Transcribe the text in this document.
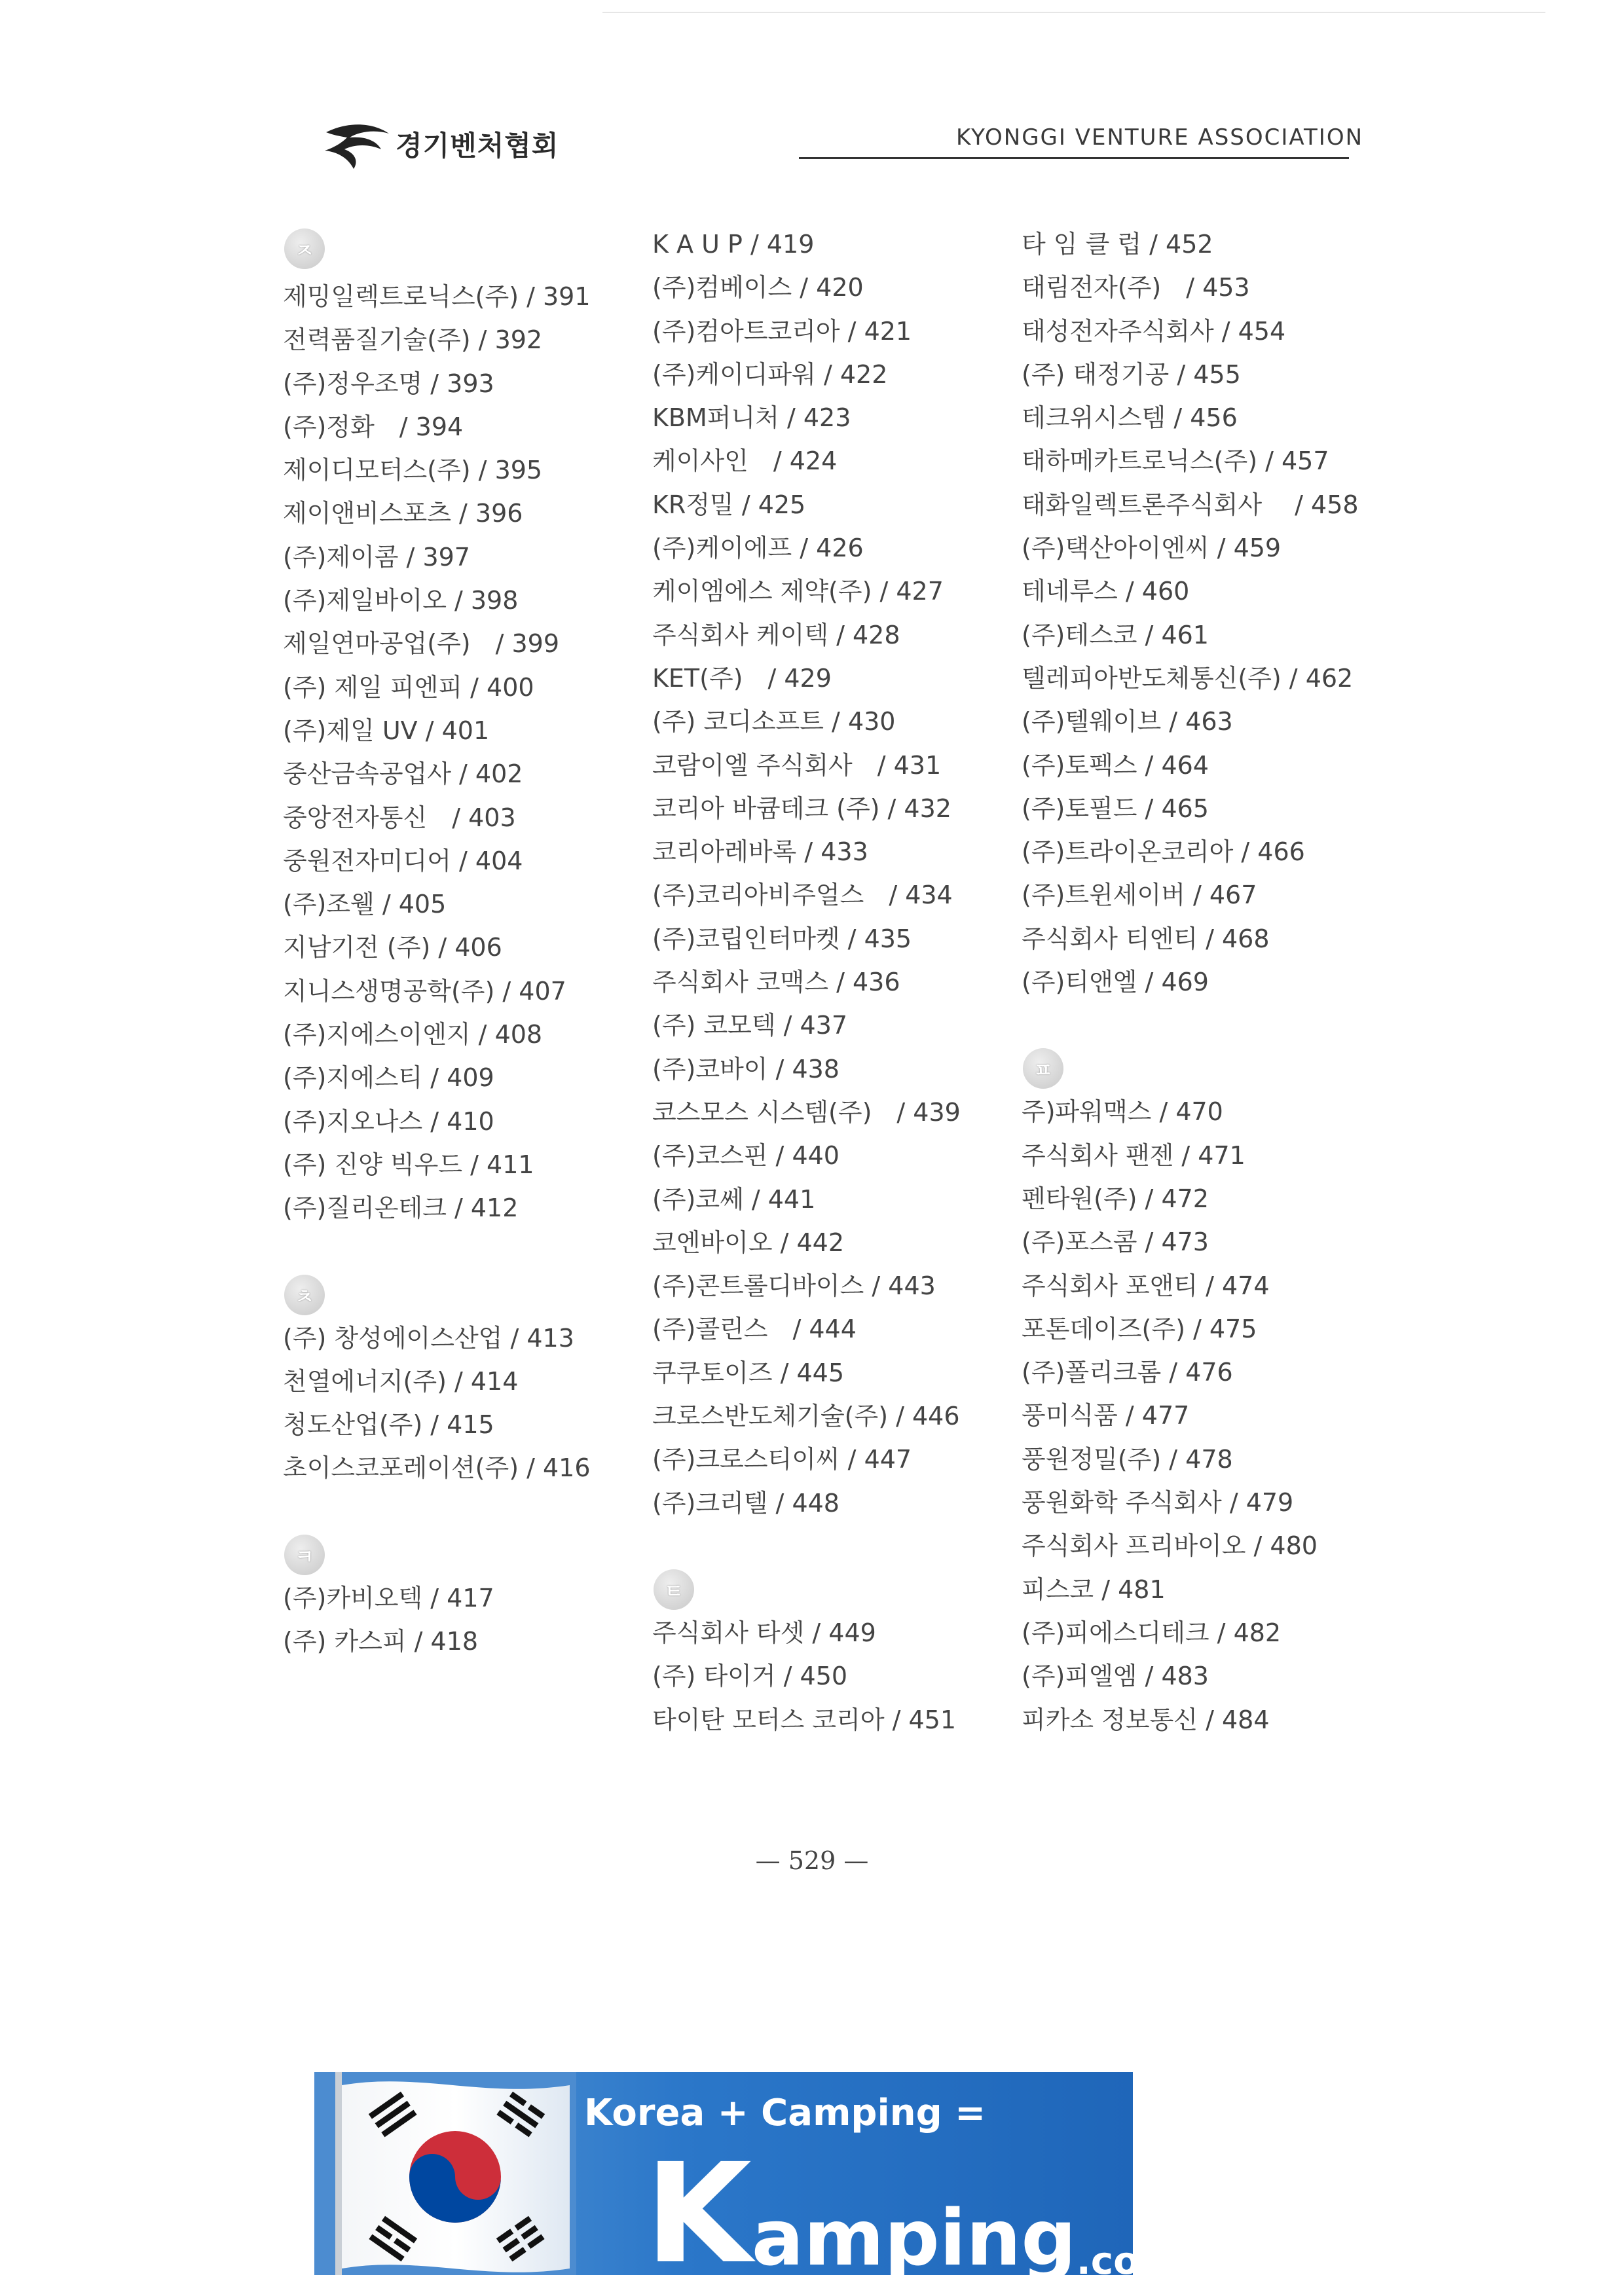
경기벤처협회	KYONGGI VENTURE ASSOCIATION
ㅈ
제밍일렉트로닉스(주) / 391
전력품질기술(주) / 392
(주)정우조명 / 393
(주)정화　/ 394
제이디모터스(주) / 395
제이앤비스포츠 / 396
(주)제이콤 / 397
(주)제일바이오 / 398
제일연마공업(주)　/ 399
(주) 제일 피엔피 / 400
(주)제일 UV / 401
중산금속공업사 / 402
중앙전자통신　/ 403
중원전자미디어 / 404
(주)조웰 / 405
지남기전 (주) / 406
지니스생명공학(주) / 407
(주)지에스이엔지 / 408
(주)지에스티 / 409
(주)지오나스 / 410
(주) 진양 빅우드 / 411
(주)질리온테크 / 412
ㅊ
(주) 창성에이스산업 / 413
천열에너지(주) / 414
청도산업(주) / 415
초이스코포레이션(주) / 416
ㅋ
(주)카비오텍 / 417
(주) 카스피 / 418
K A U P / 419
(주)컴베이스 / 420
(주)컴아트코리아 / 421
(주)케이디파워 / 422
KBM퍼니처 / 423
케이사인　/ 424
KR정밀 / 425
(주)케이에프 / 426
케이엠에스 제약(주) / 427
주식회사 케이텍 / 428
KET(주)　/ 429
(주) 코디소프트 / 430
코람이엘 주식회사　/ 431
코리아 바큠테크 (주) / 432
코리아레바록 / 433
(주)코리아비주얼스　/ 434
(주)코립인터마켓 / 435
주식회사 코맥스 / 436
(주) 코모텍 / 437
(주)코바이 / 438
코스모스 시스템(주)　/ 439
(주)코스핀 / 440
(주)코쎄 / 441
코엔바이오 / 442
(주)콘트롤디바이스 / 443
(주)콜린스　/ 444
쿠쿠토이즈 / 445
크로스반도체기술(주) / 446
(주)크로스티이씨 / 447
(주)크리텔 / 448
ㅌ
주식회사 타셋 / 449
(주) 타이거 / 450
타이탄 모터스 코리아 / 451
타 임 클 럽 / 452
태림전자(주)　/ 453
태성전자주식회사 / 454
(주) 태정기공 / 455
테크위시스템 / 456
태하메카트로닉스(주) / 457
태화일렉트론주식회사　 / 458
(주)택산아이엔씨 / 459
테네루스 / 460
(주)테스코 / 461
텔레피아반도체통신(주) / 462
(주)텔웨이브 / 463
(주)토펙스 / 464
(주)토필드 / 465
(주)트라이온코리아 / 466
(주)트윈세이버 / 467
주식회사 티엔티 / 468
(주)티앤엘 / 469
ㅍ
주)파워맥스 / 470
주식회사 팬젠 / 471
펜타원(주) / 472
(주)포스콤 / 473
주식회사 포앤티 / 474
포톤데이즈(주) / 475
(주)폴리크롬 / 476
풍미식품 / 477
풍원정밀(주) / 478
풍원화학 주식회사 / 479
주식회사 프리바이오 / 480
피스코 / 481
(주)피에스디테크 / 482
(주)피엘엠 / 483
피카소 정보통신 / 484
— 529 —
Korea + Camping =
Kamping.co.kr
